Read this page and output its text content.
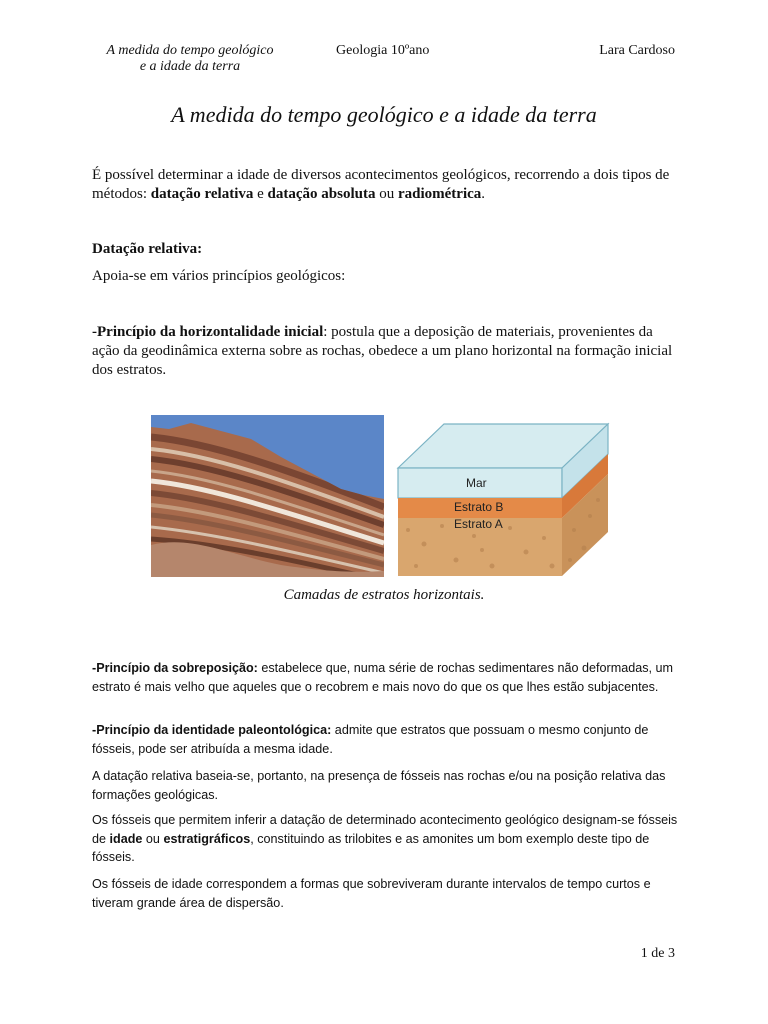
A medida do tempo geológico
e a idade da terra
Geologia 10ºano	Lara Cardoso
A medida do tempo geológico e a idade da terra

É possível determinar a idade de diversos acontecimentos geológicos, recorrendo a dois tipos de métodos: datação relativa e datação absoluta ou radiométrica.

Datação relativa:

Apoia-se em vários princípios geológicos:

-Princípio da horizontalidade inicial: postula que a deposição de materiais, provenientes da ação da geodinâmica externa sobre as rochas, obedece a um plano horizontal na formação inicial dos estratos.

Mar
Estrato B
Estrato A

Camadas de estratos horizontais.

-Princípio da sobreposição: estabelece que, numa série de rochas sedimentares não deformadas, um estrato é mais velho que aqueles que o recobrem e mais novo do que os que lhes estão subjacentes.

-Princípio da identidade paleontológica: admite que estratos que possuam o mesmo conjunto de fósseis, pode ser atribuída a mesma idade.

A datação relativa baseia-se, portanto, na presença de fósseis nas rochas e/ou na posição relativa das formações geológicas.

Os fósseis que permitem inferir a datação de determinado acontecimento geológico designam-se fósseis de idade ou estratigráficos, constituindo as trilobites e as amonites um bom exemplo deste tipo de fósseis.

Os fósseis de idade correspondem a formas que sobreviveram durante intervalos de tempo curtos e tiveram grande área de dispersão.

1 de 3
